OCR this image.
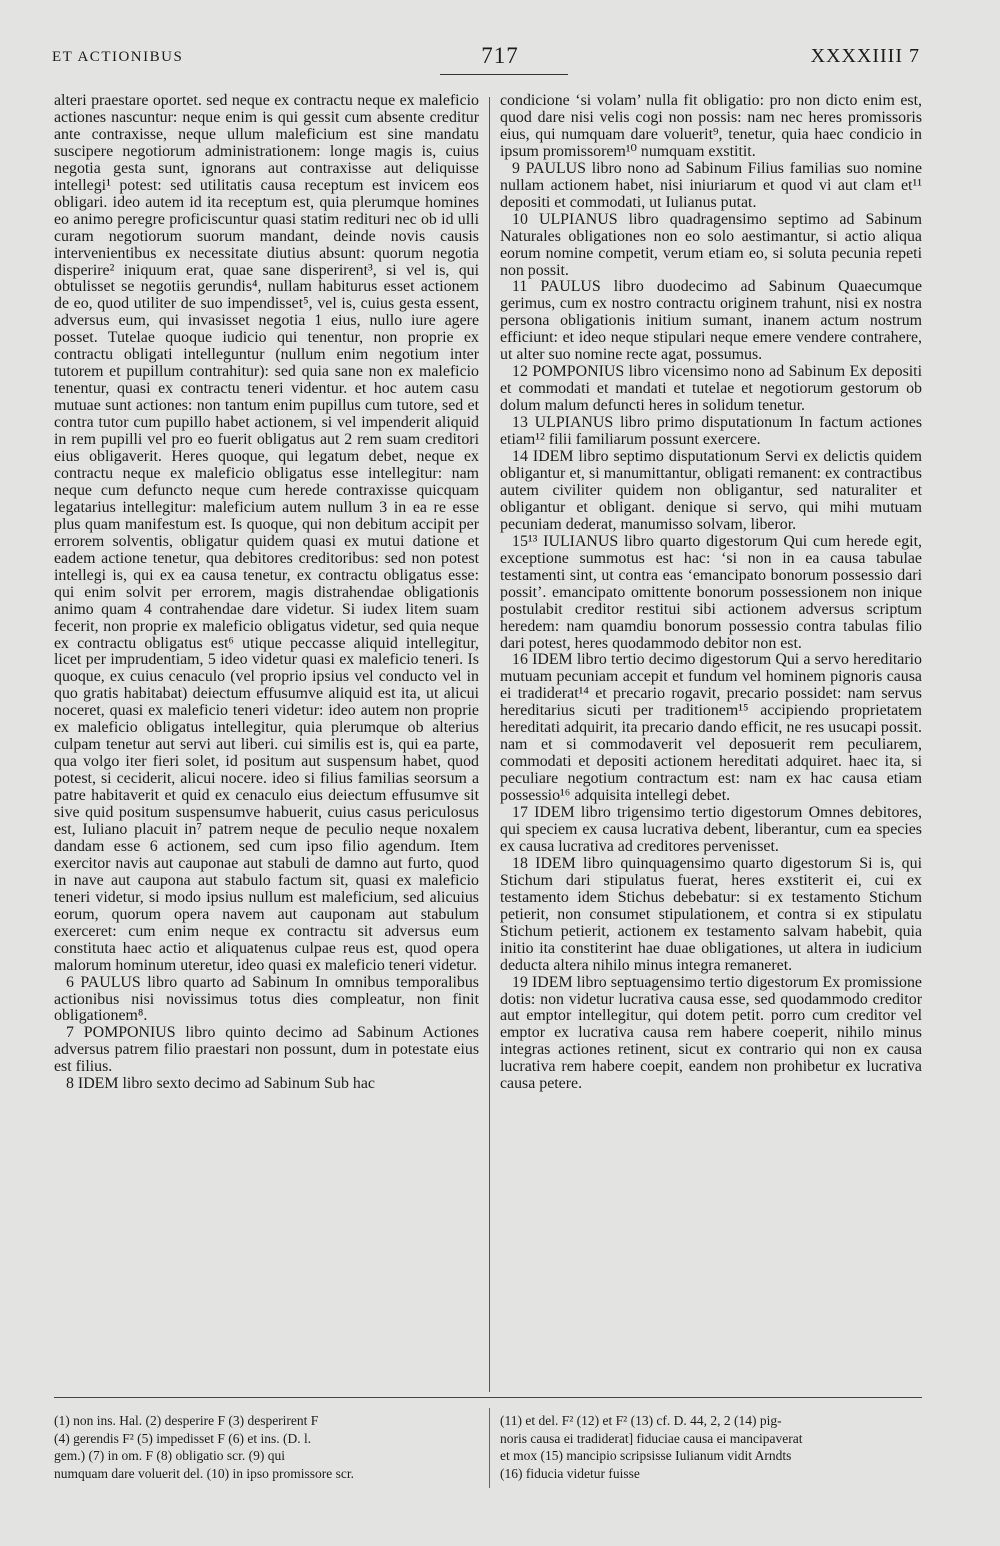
ET ACTIONIBUS	717	XXXXIIII 7

alteri praestare oportet. sed neque ex contractu neque ex maleficio actiones nascuntur: neque enim is qui gessit cum absente creditur ante contraxisse, neque ullum maleficium est sine mandatu suscipere negotiorum administrationem: longe magis is, cuius negotia gesta sunt, ignorans aut contraxisse aut deliquisse intellegi¹ potest: sed utilitatis causa receptum est invicem eos obligari. ideo autem id ita receptum est, quia plerumque homines eo animo peregre proficiscuntur quasi statim redituri nec ob id ulli curam negotiorum suorum mandant, deinde novis causis intervenientibus ex necessitate diutius absunt: quorum negotia disperire² iniquum erat, quae sane disperirent³, si vel is, qui obtulisset se negotiis gerundis⁴, nullam habiturus esset actionem de eo, quod utiliter de suo impendisset⁵, vel is, cuius gesta essent, adversus eum, qui invasisset negotia 1 eius, nullo iure agere posset. Tutelae quoque iudicio qui tenentur, non proprie ex contractu obligati intelleguntur (nullum enim negotium inter tutorem et pupillum contrahitur): sed quia sane non ex maleficio tenentur, quasi ex contractu teneri videntur. et hoc autem casu mutuae sunt actiones: non tantum enim pupillus cum tutore, sed et contra tutor cum pupillo habet actionem, si vel impenderit aliquid in rem pupilli vel pro eo fuerit obligatus aut 2 rem suam creditori eius obligaverit. Heres quoque, qui legatum debet, neque ex contractu neque ex maleficio obligatus esse intellegitur: nam neque cum defuncto neque cum herede contraxisse quicquam legatarius intellegitur: maleficium autem nullum 3 in ea re esse plus quam manifestum est. Is quoque, qui non debitum accipit per errorem solventis, obligatur quidem quasi ex mutui datione et eadem actione tenetur, qua debitores creditoribus: sed non potest intellegi is, qui ex ea causa tenetur, ex contractu obligatus esse: qui enim solvit per errorem, magis distrahendae obligationis animo quam 4 contrahendae dare videtur. Si iudex litem suam fecerit, non proprie ex maleficio obligatus videtur, sed quia neque ex contractu obligatus est⁶ utique peccasse aliquid intellegitur, licet per imprudentiam, 5 ideo videtur quasi ex maleficio teneri. Is quoque, ex cuius cenaculo (vel proprio ipsius vel conducto vel in quo gratis habitabat) deiectum effusumve aliquid est ita, ut alicui noceret, quasi ex maleficio teneri videtur: ideo autem non proprie ex maleficio obligatus intellegitur, quia plerumque ob alterius culpam tenetur aut servi aut liberi. cui similis est is, qui ea parte, qua volgo iter fieri solet, id positum aut suspensum habet, quod potest, si ceciderit, alicui nocere. ideo si filius familias seorsum a patre habitaverit et quid ex cenaculo eius deiectum effusumve sit sive quid positum suspensumve habuerit, cuius casus periculosus est, Iuliano placuit in⁷ patrem neque de peculio neque noxalem dandam esse 6 actionem, sed cum ipso filio agendum. Item exercitor navis aut cauponae aut stabuli de damno aut furto, quod in nave aut caupona aut stabulo factum sit, quasi ex maleficio teneri videtur, si modo ipsius nullum est maleficium, sed alicuius eorum, quorum opera navem aut cauponam aut stabulum exerceret: cum enim neque ex contractu sit adversus eum constituta haec actio et aliquatenus culpae reus est, quod opera malorum hominum uteretur, ideo quasi ex maleficio teneri videtur.

6 PAULUS libro quarto ad Sabinum In omnibus temporalibus actionibus nisi novissimus totus dies compleatur, non finit obligationem⁸.

7 POMPONIUS libro quinto decimo ad Sabinum Actiones adversus patrem filio praestari non possunt, dum in potestate eius est filius.

8 IDEM libro sexto decimo ad Sabinum Sub hac

condicione ‘si volam’ nulla fit obligatio: pro non dicto enim est, quod dare nisi velis cogi non possis: nam nec heres promissoris eius, qui numquam dare voluerit⁹, tenetur, quia haec condicio in ipsum promissorem¹⁰ numquam exstitit.

9 PAULUS libro nono ad Sabinum Filius familias suo nomine nullam actionem habet, nisi iniuriarum et quod vi aut clam et¹¹ depositi et commodati, ut Iulianus putat.

10 ULPIANUS libro quadragensimo septimo ad Sabinum Naturales obligationes non eo solo aestimantur, si actio aliqua eorum nomine competit, verum etiam eo, si soluta pecunia repeti non possit.

11 PAULUS libro duodecimo ad Sabinum Quaecumque gerimus, cum ex nostro contractu originem trahunt, nisi ex nostra persona obligationis initium sumant, inanem actum nostrum efficiunt: et ideo neque stipulari neque emere vendere contrahere, ut alter suo nomine recte agat, possumus.

12 POMPONIUS libro vicensimo nono ad Sabinum Ex depositi et commodati et mandati et tutelae et negotiorum gestorum ob dolum malum defuncti heres in solidum tenetur.

13 ULPIANUS libro primo disputationum In factum actiones etiam¹² filii familiarum possunt exercere.

14 IDEM libro septimo disputationum Servi ex delictis quidem obligantur et, si manumittantur, obligati remanent: ex contractibus autem civiliter quidem non obligantur, sed naturaliter et obligantur et obligant. denique si servo, qui mihi mutuam pecuniam dederat, manumisso solvam, liberor.

15¹³ IULIANUS libro quarto digestorum Qui cum herede egit, exceptione summotus est hac: ‘si non in ea causa tabulae testamenti sint, ut contra eas ‘emancipato bonorum possessio dari possit’. emancipato omittente bonorum possessionem non inique postulabit creditor restitui sibi actionem adversus scriptum heredem: nam quamdiu bonorum possessio contra tabulas filio dari potest, heres quodammodo debitor non est.

16 IDEM libro tertio decimo digestorum Qui a servo hereditario mutuam pecuniam accepit et fundum vel hominem pignoris causa ei tradiderat¹⁴ et precario rogavit, precario possidet: nam servus hereditarius sicuti per traditionem¹⁵ accipiendo proprietatem hereditati adquirit, ita precario dando efficit, ne res usucapi possit. nam et si commodaverit vel deposuerit rem peculiarem, commodati et depositi actionem hereditati adquiret. haec ita, si peculiare negotium contractum est: nam ex hac causa etiam possessio¹⁶ adquisita intellegi debet.

17 IDEM libro trigensimo tertio digestorum Omnes debitores, qui speciem ex causa lucrativa debent, liberantur, cum ea species ex causa lucrativa ad creditores pervenisset.

18 IDEM libro quinquagensimo quarto digestorum Si is, qui Stichum dari stipulatus fuerat, heres exstiterit ei, cui ex testamento idem Stichus debebatur: si ex testamento Stichum petierit, non consumet stipulationem, et contra si ex stipulatu Stichum petierit, actionem ex testamento salvam habebit, quia initio ita constiterint hae duae obligationes, ut altera in iudicium deducta altera nihilo minus integra remaneret.

19 IDEM libro septuagensimo tertio digestorum Ex promissione dotis: non videtur lucrativa causa esse, sed quodammodo creditor aut emptor intellegitur, qui dotem petit. porro cum creditor vel emptor ex lucrativa causa rem habere coeperit, nihilo minus integras actiones retinent, sicut ex contrario qui non ex causa lucrativa rem habere coepit, eandem non prohibetur ex lucrativa causa petere.

(1) non ins. Hal. (2) desperire F (3) desperirent F
(4) gerendis F² (5) impedisset F (6) et ins. (D. l.
gem.) (7) in om. F (8) obligatio scr. (9) qui
numquam dare voluerit del. (10) in ipso promissore scr.
(11) et del. F² (12) et F² (13) cf. D. 44, 2, 2 (14) pig-
noris causa ei tradiderat] fiduciae causa ei mancipaverat
et mox (15) mancipio scripsisse Iulianum vidit Arndts
(16) fiducia videtur fuisse
